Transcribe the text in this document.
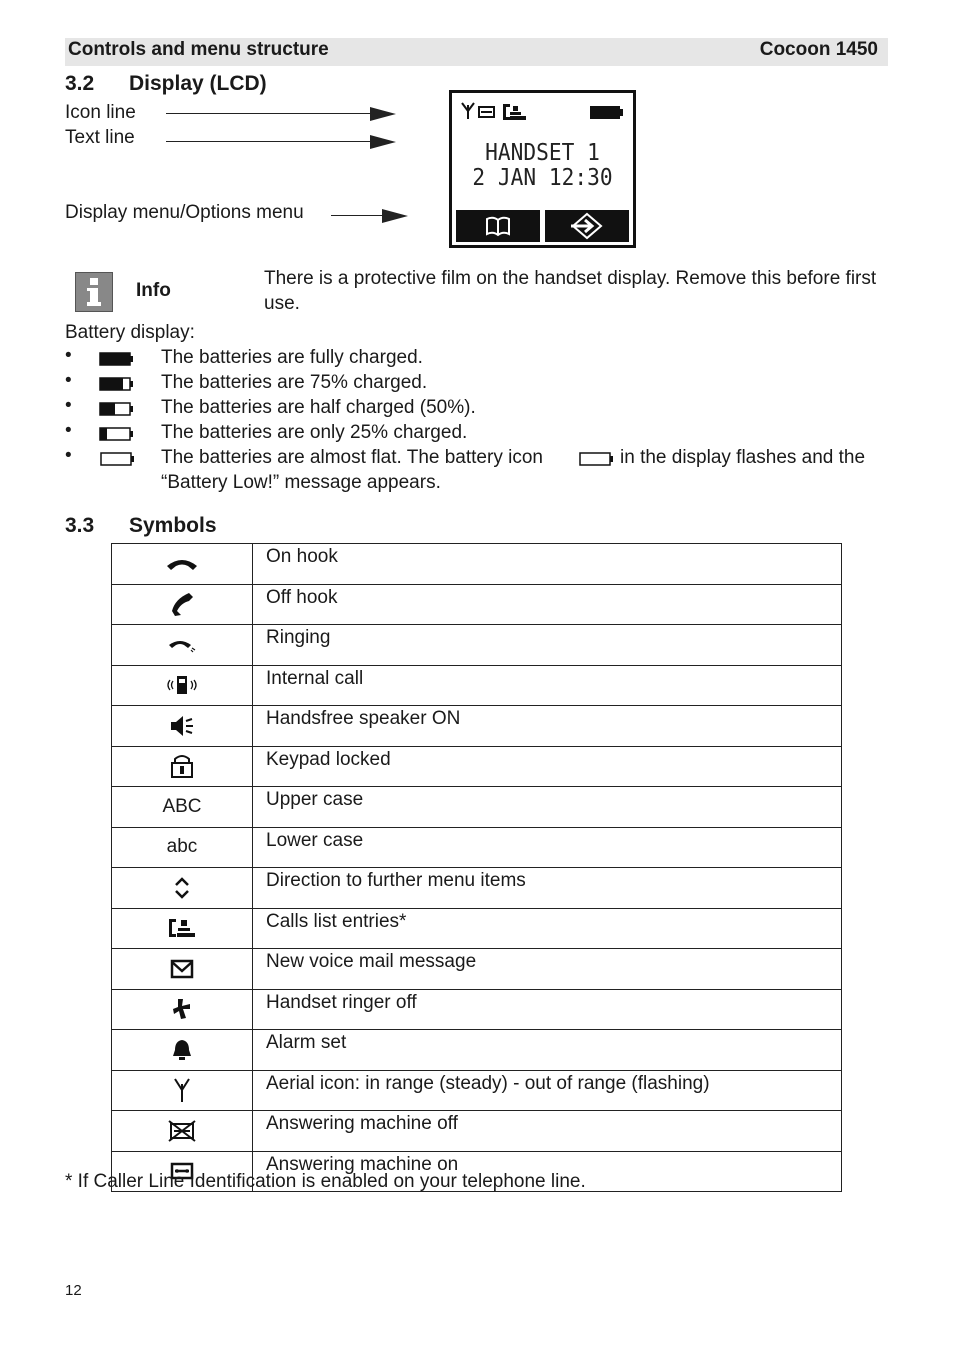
Controls and menu structure	Cocoon 1450
3.2 Display (LCD)
Icon line
Text line
Display menu/Options menu
HANDSET 1
2 JAN 12:30
Info
There is a protective film on the handset display. Remove this before first use.
Battery display:
•	The batteries are fully charged.
•	The batteries are 75% charged.
•	The batteries are half charged (50%).
•	The batteries are only 25% charged.
•	The batteries are almost flat. The battery icon	in the display flashes and the
“Battery Low!” message appears.
3.3 Symbols
	On hook
	Off hook
	Ringing
	Internal call
	Handsfree speaker ON
	Keypad locked
ABC	Upper case
abc	Lower case
	Direction to further menu items
	Calls list entries*
	New voice mail message
	Handset ringer off
	Alarm set
	Aerial icon: in range (steady) - out of range (flashing)
	Answering machine off
	Answering machine on
* If Caller Line Identification is enabled on your telephone line.
12
